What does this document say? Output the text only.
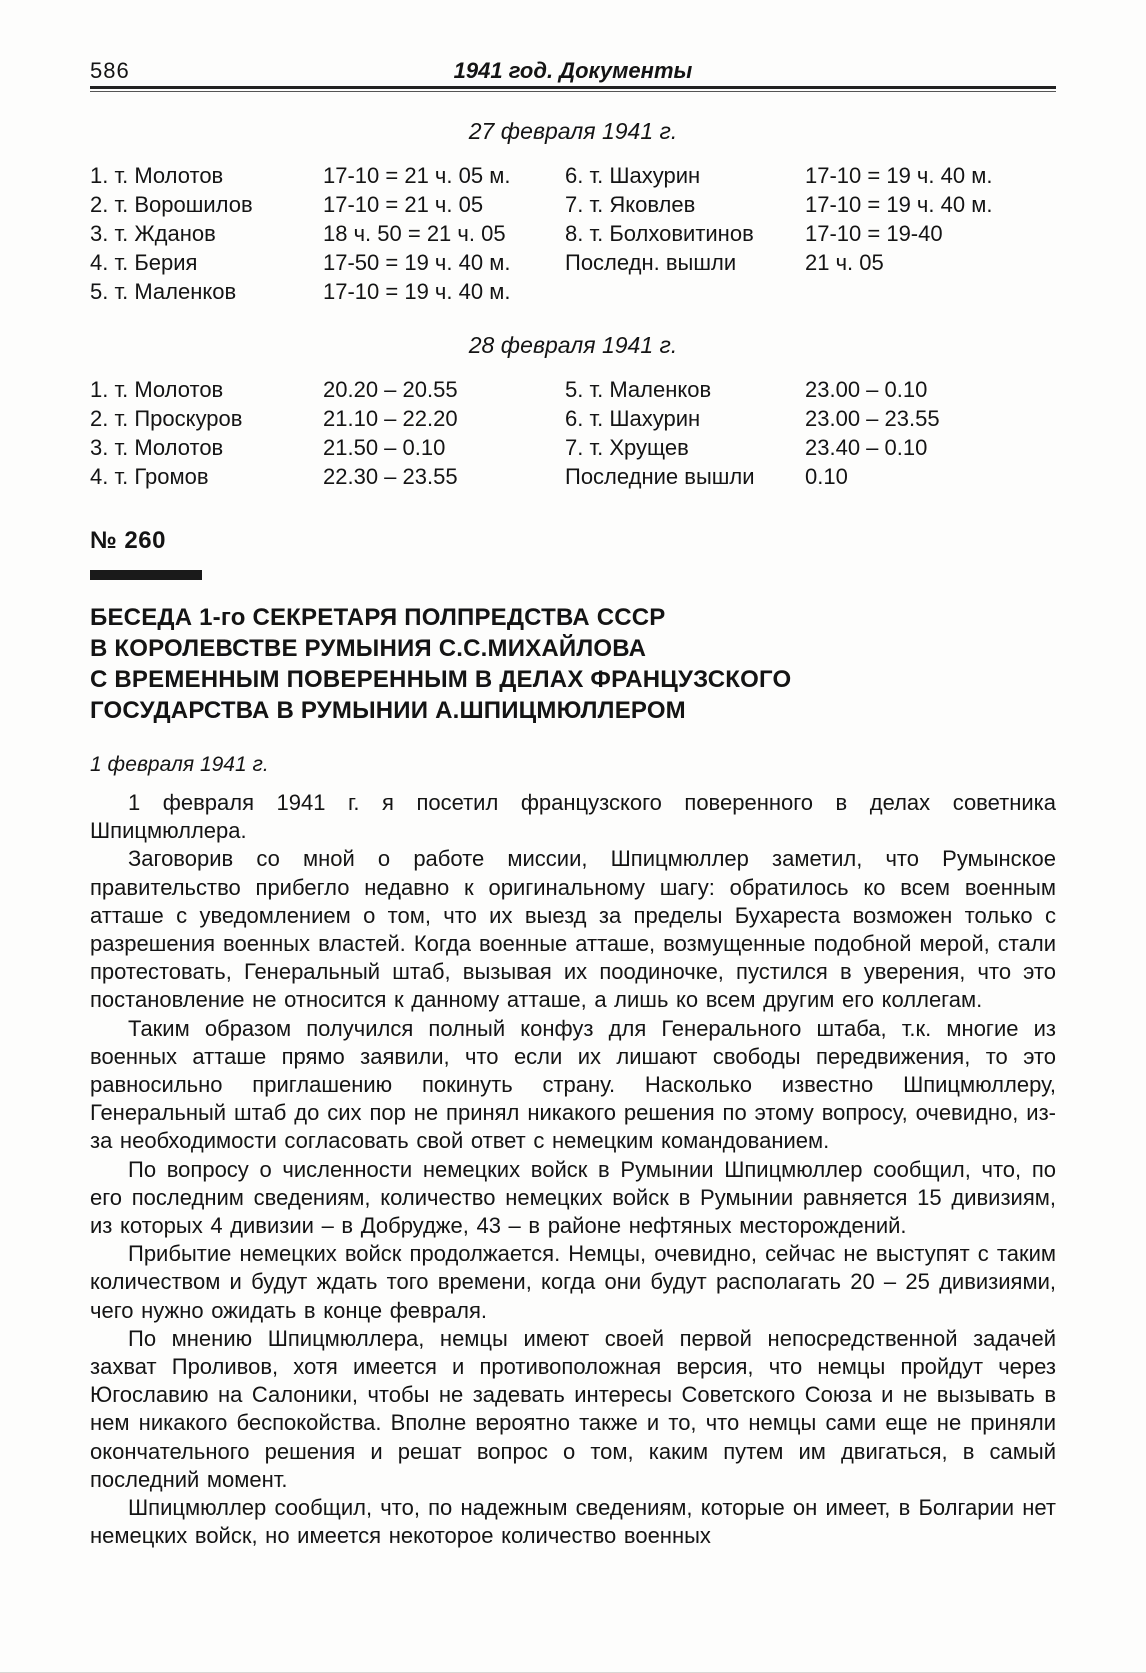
586	1941 год. Документы
27 февраля 1941 г.
1. т. Молотов	17-10 = 21 ч. 05 м.	6. т. Шахурин	17-10 = 19 ч. 40 м.
2. т. Ворошилов	17-10 = 21 ч. 05	7. т. Яковлев	17-10 = 19 ч. 40 м.
3. т. Жданов	18 ч. 50 = 21 ч. 05	8. т. Болховитинов	17-10 = 19-40
4. т. Берия	17-50 = 19 ч. 40 м.	Последн. вышли	21 ч. 05
5. т. Маленков	17-10 = 19 ч. 40 м.
28 февраля 1941 г.
1. т. Молотов	20.20 – 20.55	5. т. Маленков	23.00 – 0.10
2. т. Проскуров	21.10 – 22.20	6. т. Шахурин	23.00 – 23.55
3. т. Молотов	21.50 – 0.10	7. т. Хрущев	23.40 – 0.10
4. т. Громов	22.30 – 23.55	Последние вышли	0.10
№ 260
БЕСЕДА 1-го СЕКРЕТАРЯ ПОЛПРЕДСТВА СССР
В КОРОЛЕВСТВЕ РУМЫНИЯ С.С.МИХАЙЛОВА
С ВРЕМЕННЫМ ПОВЕРЕННЫМ В ДЕЛАХ ФРАНЦУЗСКОГО
ГОСУДАРСТВА В РУМЫНИИ А.ШПИЦМЮЛЛЕРОМ
1 февраля 1941 г.

1 февраля 1941 г. я посетил французского поверенного в делах советника Шпицмюллера.

Заговорив со мной о работе миссии, Шпицмюллер заметил, что Румынское правительство прибегло недавно к оригинальному шагу: обратилось ко всем военным атташе с уведомлением о том, что их выезд за пределы Бухареста возможен только с разрешения военных властей. Когда военные атташе, возмущенные подобной мерой, стали протестовать, Генеральный штаб, вызывая их поодиночке, пустился в уверения, что это постановление не относится к данному атташе, а лишь ко всем другим его коллегам.

Таким образом получился полный конфуз для Генерального штаба, т.к. многие из военных атташе прямо заявили, что если их лишают свободы передвижения, то это равносильно приглашению покинуть страну. Насколько известно Шпицмюллеру, Генеральный штаб до сих пор не принял никакого решения по этому вопросу, очевидно, из-за необходимости согласовать свой ответ с немецким командованием.

По вопросу о численности немецких войск в Румынии Шпицмюллер сообщил, что, по его последним сведениям, количество немецких войск в Румынии равняется 15 дивизиям, из которых 4 дивизии – в Добрудже, 43 – в районе нефтяных месторождений.

Прибытие немецких войск продолжается. Немцы, очевидно, сейчас не выступят с таким количеством и будут ждать того времени, когда они будут располагать 20 – 25 дивизиями, чего нужно ожидать в конце февраля.

По мнению Шпицмюллера, немцы имеют своей первой непосредственной задачей захват Проливов, хотя имеется и противоположная версия, что немцы пройдут через Югославию на Салоники, чтобы не задевать интересы Советского Союза и не вызывать в нем никакого беспокойства. Вполне вероятно также и то, что немцы сами еще не приняли окончательного решения и решат вопрос о том, каким путем им двигаться, в самый последний момент.

Шпицмюллер сообщил, что, по надежным сведениям, которые он имеет, в Болгарии нет немецких войск, но имеется некоторое количество военных
